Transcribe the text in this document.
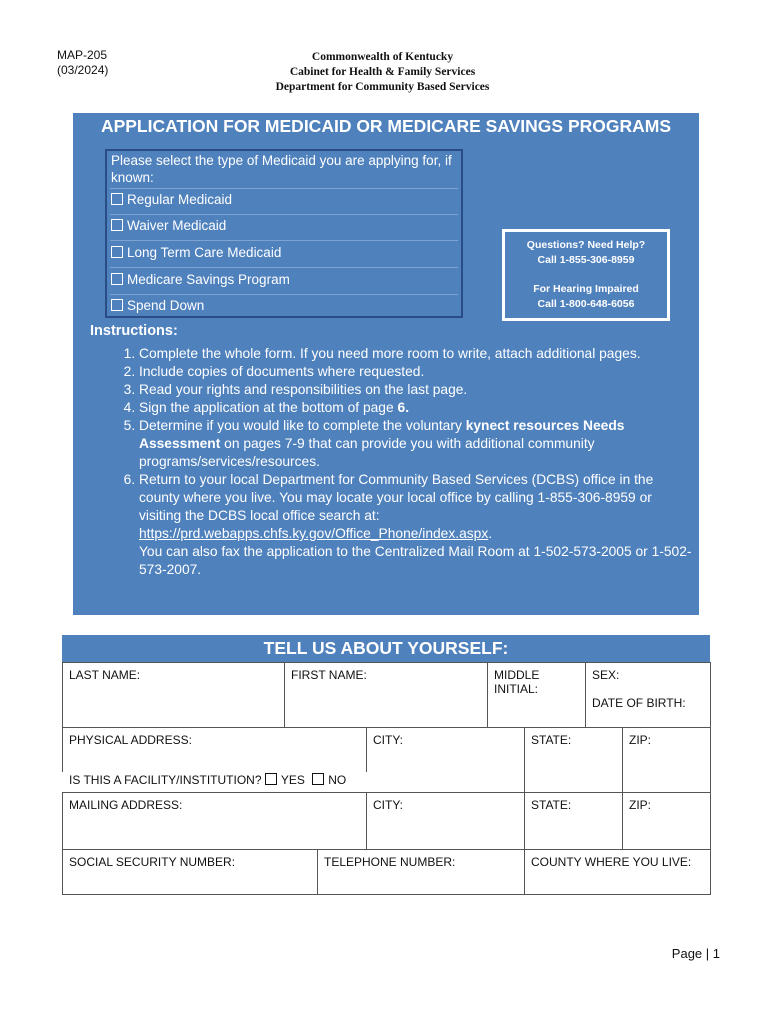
MAP-205
(03/2024)
Commonwealth of Kentucky
Cabinet for Health & Family Services
Department for Community Based Services
APPLICATION FOR MEDICAID OR MEDICARE SAVINGS PROGRAMS
Please select the type of Medicaid you are applying for, if known:
Regular Medicaid
Waiver Medicaid
Long Term Care Medicaid
Medicare Savings Program
Spend Down
Questions? Need Help?
Call 1-855-306-8959
For Hearing Impaired
Call 1-800-648-6056
Instructions:
1. Complete the whole form. If you need more room to write, attach additional pages.
2. Include copies of documents where requested.
3. Read your rights and responsibilities on the last page.
4. Sign the application at the bottom of page 6.
5. Determine if you would like to complete the voluntary kynect resources Needs Assessment on pages 7-9 that can provide you with additional community programs/services/resources.
6. Return to your local Department for Community Based Services (DCBS) office in the county where you live. You may locate your local office by calling 1-855-306-8959 or visiting the DCBS local office search at:
https://prd.webapps.chfs.ky.gov/Office_Phone/index.aspx.
You can also fax the application to the Centralized Mail Room at 1-502-573-2005 or 1-502-573-2007.
TELL US ABOUT YOURSELF:
LAST NAME:	FIRST NAME:	MIDDLE INITIAL:
SEX:
DATE OF BIRTH:
PHYSICAL ADDRESS:	CITY:	STATE:	ZIP:
IS THIS A FACILITY/INSTITUTION? YES NO
MAILING ADDRESS:	CITY:	STATE:	ZIP:
SOCIAL SECURITY NUMBER:	TELEPHONE NUMBER:	COUNTY WHERE YOU LIVE:
Page | 1
